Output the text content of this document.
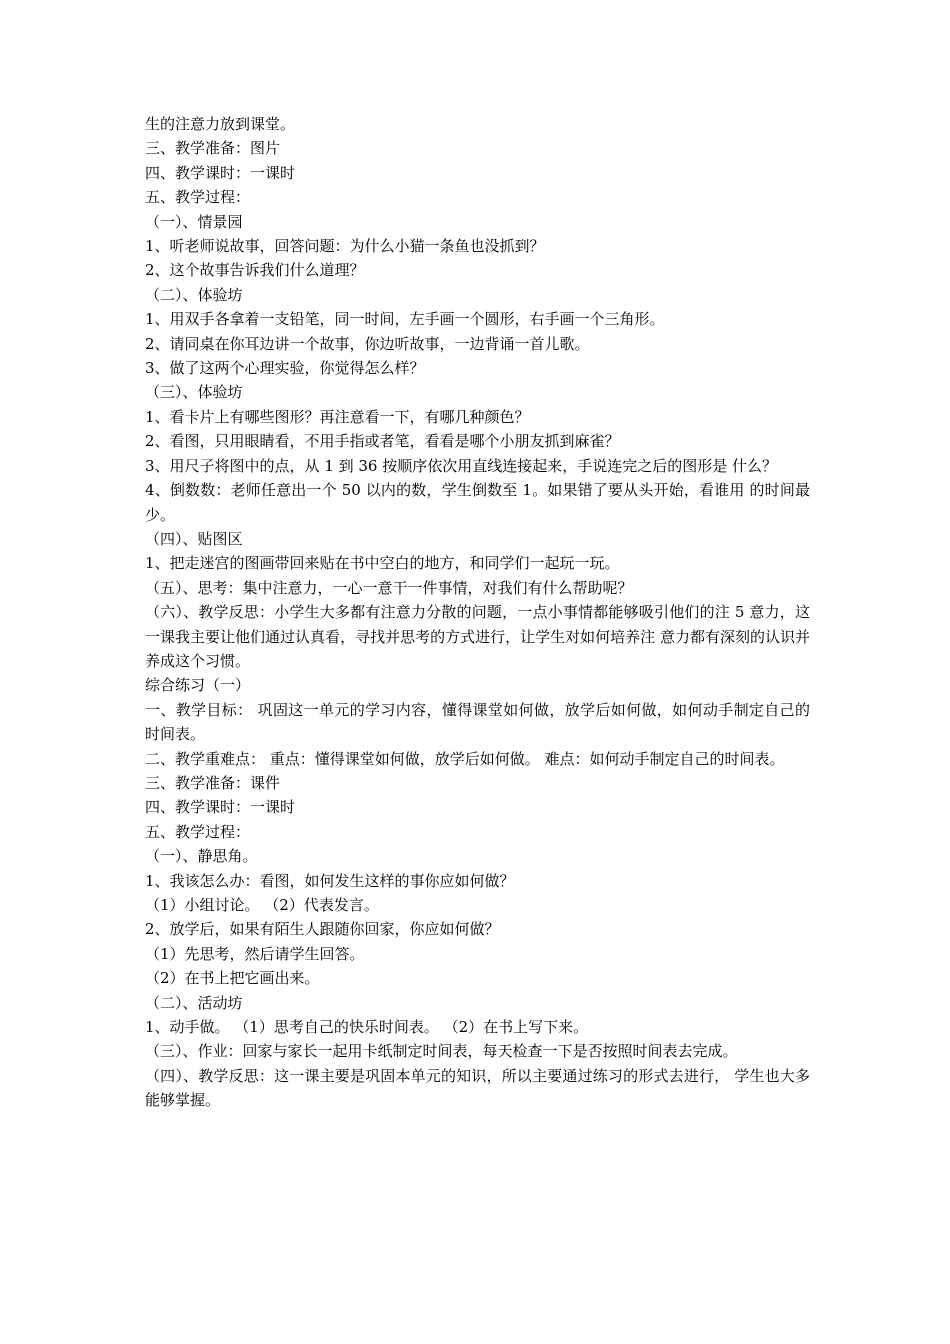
生的注意力放到课堂。

三、教学准备：图片

四、教学课时：一课时

五、教学过程：

（一）、情景园

1、听老师说故事，回答问题：为什么小猫一条鱼也没抓到？

2、这个故事告诉我们什么道理？

（二）、体验坊

1、用双手各拿着一支铅笔，同一时间，左手画一个圆形，右手画一个三角形。

2、请同桌在你耳边讲一个故事，你边听故事，一边背诵一首儿歌。

3、做了这两个心理实验，你觉得怎么样？

（三）、体验坊

1、看卡片上有哪些图形？再注意看一下，有哪几种颜色？

2、看图，只用眼睛看，不用手指或者笔，看看是哪个小朋友抓到麻雀？

3、用尺子将图中的点，从 1 到 36 按顺序依次用直线连接起来，手说连完之后的图形是 什么？

4、倒数数：老师任意出一个 50 以内的数，学生倒数至 1。如果错了要从头开始，看谁用 的时间最少。

（四）、贴图区

1、把走迷宫的图画带回来贴在书中空白的地方，和同学们一起玩一玩。

（五）、思考：集中注意力，一心一意干一件事情，对我们有什么帮助呢？

（六）、教学反思：小学生大多都有注意力分散的问题，一点小事情都能够吸引他们的注 5 意力，这一课我主要让他们通过认真看，寻找并思考的方式进行，让学生对如何培养注 意力都有深刻的认识并养成这个习惯。

综合练习（一）

一、教学目标： 巩固这一单元的学习内容，懂得课堂如何做，放学后如何做，如何动手制定自己的 时间表。

二、教学重难点： 重点：懂得课堂如何做，放学后如何做。 难点：如何动手制定自己的时间表。

三、教学准备：课件

四、教学课时：一课时

五、教学过程：

（一）、静思角。

1、我该怎么办：看图，如何发生这样的事你应如何做？

（1）小组讨论。 （2）代表发言。

2、放学后，如果有陌生人跟随你回家，你应如何做？

（1）先思考，然后请学生回答。

（2）在书上把它画出来。

（二）、活动坊

1、动手做。 （1）思考自己的快乐时间表。 （2）在书上写下来。

（三）、作业：回家与家长一起用卡纸制定时间表，每天检查一下是否按照时间表去完成。

（四）、教学反思：这一课主要是巩固本单元的知识，所以主要通过练习的形式去进行， 学生也大多能够掌握。
